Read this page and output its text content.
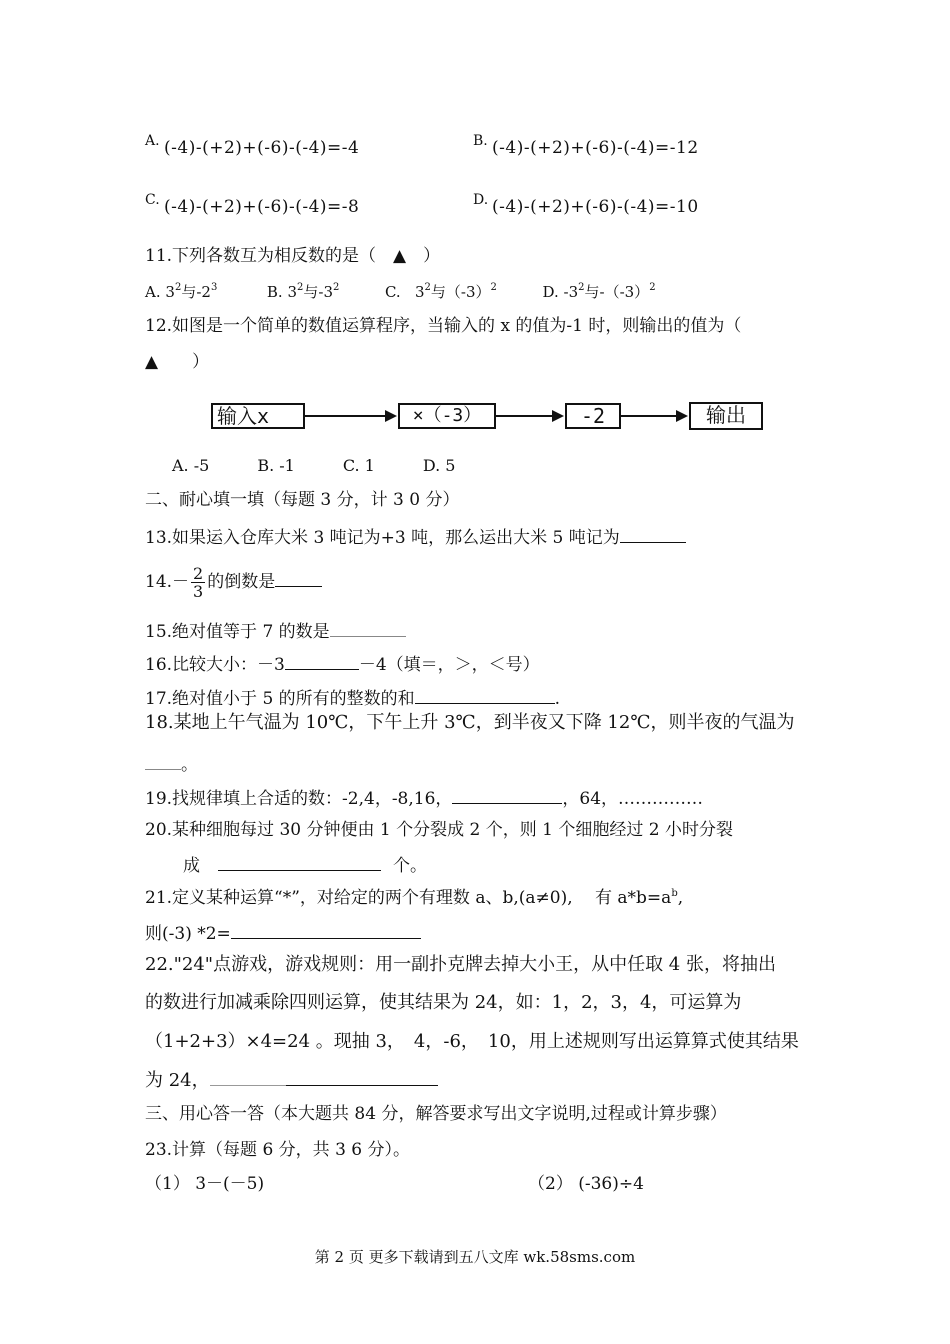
A. (-4)-(+2)+(-6)-(-4)=-4	B. (-4)-(+2)+(-6)-(-4)=-12
C. (-4)-(+2)+(-6)-(-4)=-8	D. (-4)-(+2)+(-6)-(-4)=-10
11.下列各数互为相反数的是（　▲　）
A. $3^2$与$-2^3$	B. $3^2$与$-3^2$	C. $3^2$与$(-3)^2$	D. $-3^2$与$-(-3)^2$
12.如图是一个简单的数值运算程序，当输入的 x 的值为-1 时，则输出的值为（
▲　　）
输入x	×（-3）	-2	输出
A. -5　　　B. -1　　　C. 1　　　D. 5
二、耐心填一填（每题 3 分，计 3 0 分）
13.如果运入仓库大米 3 吨记为+3 吨，那么运出大米 5 吨记为
$14.- \frac{2}{3}$ 的倒数是
15.绝对值等于 7 的数是
16.比较大小：－3	－4（填＝，＞，＜号）
17.绝对值小于 5 的所有的整数的和	.
18.某地上午气温为 10℃，下午上升 3℃，到半夜又下降 12℃，则半夜的气温为
。
19.找规律填上合适的数：-2,4，-8,16，	，64，……………
20.某种细胞每过 30 分钟便由 1 个分裂成 2 个，则 1 个细胞经过 2 小时分裂
成	个。
21.定义某种运算“*”，对给定的两个有理数 a、b,(a≠0),　 有 $a*b=a^b$,
则(-3) *2=
22."24"点游戏，游戏规则：用一副扑克牌去掉大小王，从中任取 4 张，将抽出
的数进行加减乘除四则运算，使其结果为 24，如：1，2，3，4，可运算为
（1+2+3）×4=24 。现抽 3，　4，-6，　10，用上述规则写出运算算式使其结果
为 24，
三、用心答一答（本大题共 84 分，解答要求写出文字说明,过程或计算步骤）
23.计算（每题 6 分，共 3 6 分）。
（1） 3－(－5)	（2） (-36)÷4
第 2 页 更多下载请到五八文库 wk.58sms.com
